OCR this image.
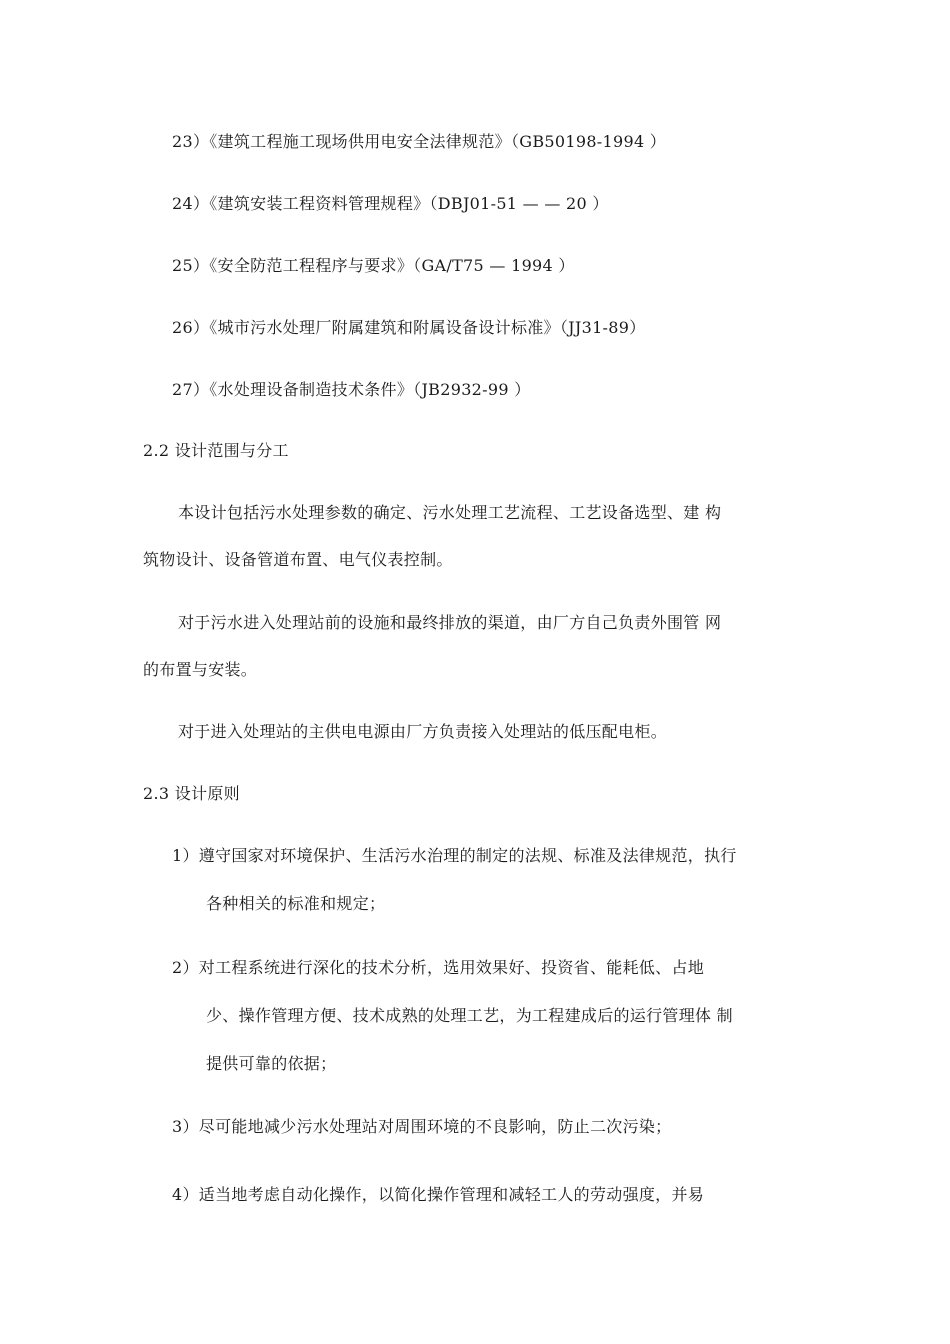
23）《建筑工程施工现场供用电安全法律规范》（GB50198-1994 ）
24）《建筑安装工程资料管理规程》（DBJ01-51 — — 20 ）
25）《安全防范工程程序与要求》（GA/T75 — 1994 ）
26）《城市污水处理厂附属建筑和附属设备设计标准》（JJ31-89）
27）《水处理设备制造技术条件》（JB2932-99 ）
2.2 设计范围与分工
本设计包括污水处理参数的确定、污水处理工艺流程、工艺设备选型、建 构
筑物设计、设备管道布置、电气仪表控制。
对于污水进入处理站前的设施和最终排放的渠道，由厂方自己负责外围管 网
的布置与安装。
对于进入处理站的主供电电源由厂方负责接入处理站的低压配电柜。
2.3 设计原则
1）遵守国家对环境保护、生活污水治理的制定的法规、标准及法律规范，执行
各种相关的标准和规定；
2）对工程系统进行深化的技术分析，选用效果好、投资省、能耗低、占地
少、操作管理方便、技术成熟的处理工艺，为工程建成后的运行管理体 制
提供可靠的依据；
3）尽可能地减少污水处理站对周围环境的不良影响，防止二次污染；
4）适当地考虑自动化操作，以简化操作管理和减轻工人的劳动强度，并易
